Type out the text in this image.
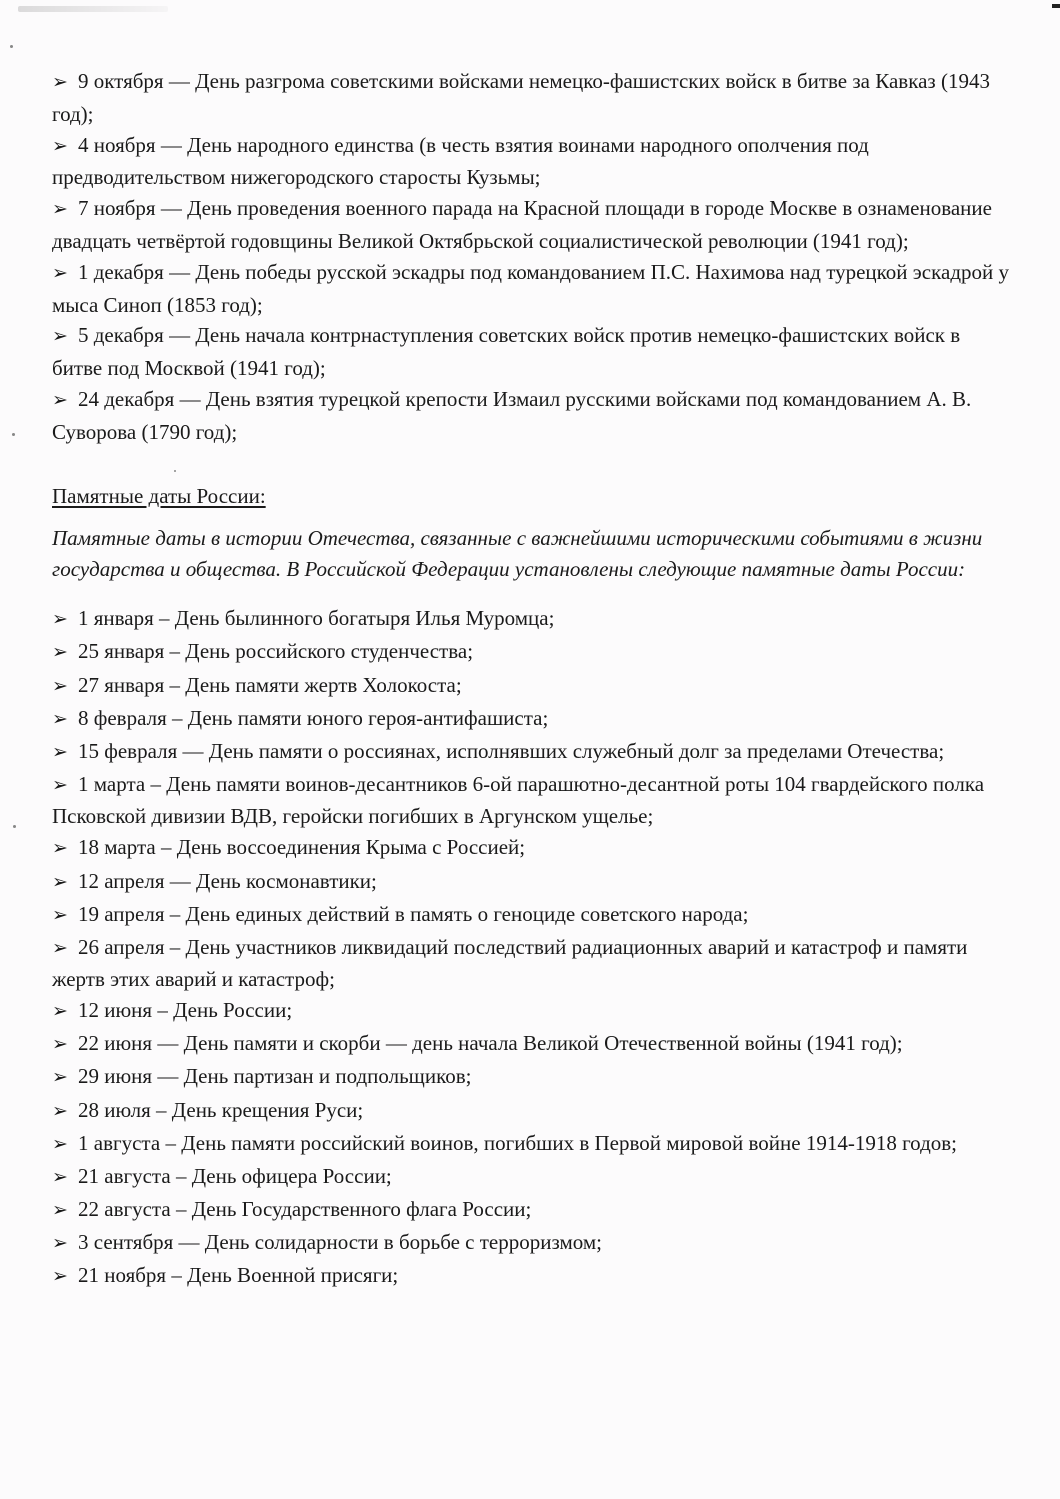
➢ 9 октября — День разгрома советскими войсками немецко-фашистских войск в битве за Кавказ (1943 год);

➢ 4 ноября — День народного единства (в честь взятия воинами народного ополчения под предводительством нижегородского старосты Кузьмы;

➢ 7 ноября — День проведения военного парада на Красной площади в городе Москве в ознаменование двадцать четвёртой годовщины Великой Октябрьской социалистической революции (1941 год);

➢ 1 декабря — День победы русской эскадры под командованием П.С. Нахимова над турецкой эскадрой у мыса Синоп (1853 год);

➢ 5 декабря — День начала контрнаступления советских войск против немецко-фашистских войск в битве под Москвой (1941 год);

➢ 24 декабря — День взятия турецкой крепости Измаил русскими войсками под командованием А. В. Суворова (1790 год);

Памятные даты России:

Памятные даты в истории Отечества, связанные с важнейшими историческими событиями в жизни государства и общества. В Российской Федерации установлены следующие памятные даты России:

➢ 1 января – День былинного богатыря Илья Муромца;

➢ 25 января – День российского студенчества;

➢ 27 января – День памяти жертв Холокоста;

➢ 8 февраля – День памяти юного героя-антифашиста;

➢ 15 февраля — День памяти о россиянах, исполнявших служебный долг за пределами Отечества;

➢ 1 марта – День памяти воинов-десантников 6-ой парашютно-десантной роты 104 гвардейского полка Псковской дивизии ВДВ, геройски погибших в Аргунском ущелье;

➢ 18 марта – День воссоединения Крыма с Россией;

➢ 12 апреля — День космонавтики;

➢ 19 апреля – День единых действий в память о геноциде советского народа;

➢ 26 апреля – День участников ликвидаций последствий радиационных аварий и катастроф и памяти жертв этих аварий и катастроф;

➢ 12 июня – День России;

➢ 22 июня — День памяти и скорби — день начала Великой Отечественной войны (1941 год);

➢ 29 июня — День партизан и подпольщиков;

➢ 28 июля – День крещения Руси;

➢ 1 августа – День памяти российский воинов, погибших в Первой мировой войне 1914-1918 годов;

➢ 21 августа – День офицера России;

➢ 22 августа – День Государственного флага России;

➢ 3 сентября — День солидарности в борьбе с терроризмом;

➢ 21 ноября – День Военной присяги;
